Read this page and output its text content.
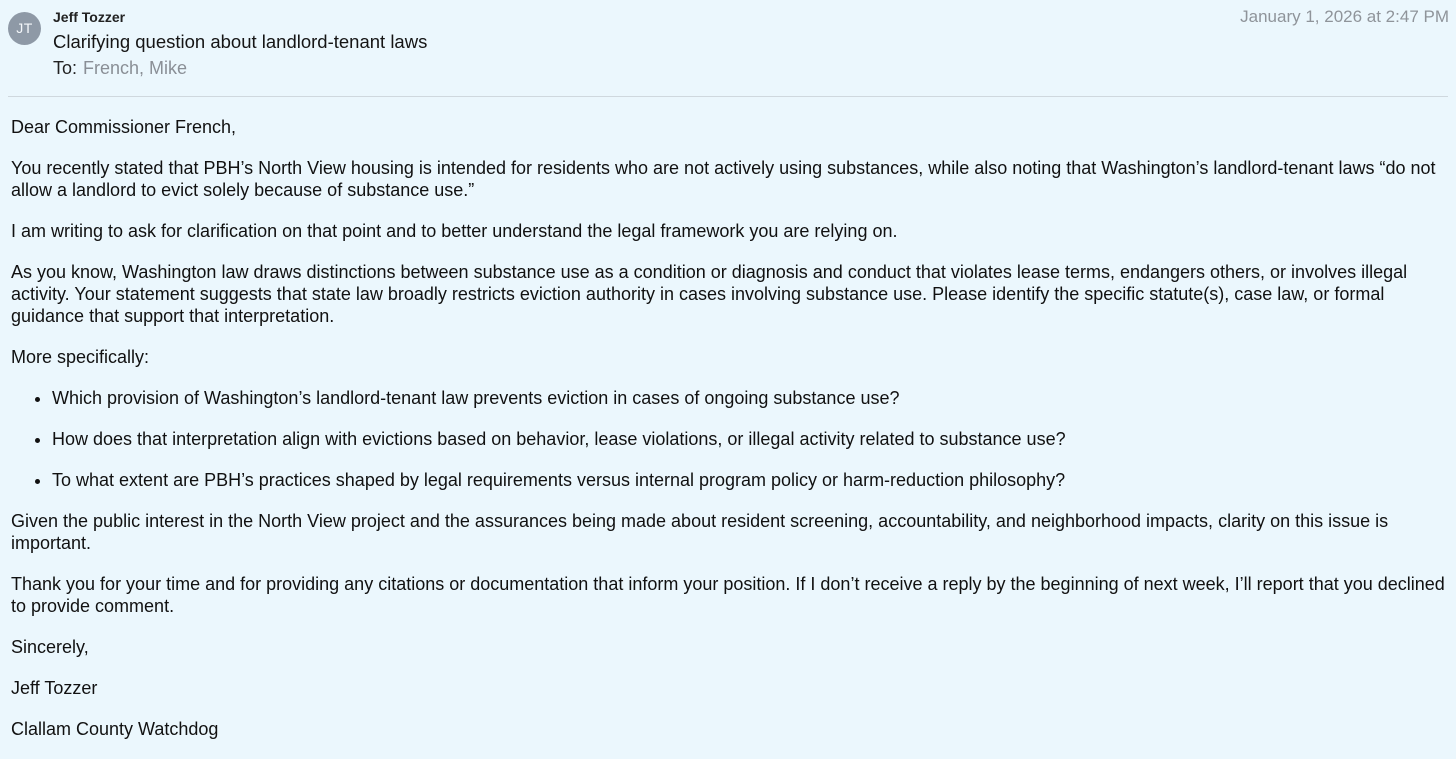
JT
Jeff Tozzer
Clarifying question about landlord-tenant laws
To: French, Mike
January 1, 2026 at 2:47 PM

Dear Commissioner French,

You recently stated that PBH’s North View housing is intended for residents who are not actively using substances, while also noting that Washington’s landlord-tenant laws “do not allow a landlord to evict solely because of substance use.”

I am writing to ask for clarification on that point and to better understand the legal framework you are relying on.

As you know, Washington law draws distinctions between substance use as a condition or diagnosis and conduct that violates lease terms, endangers others, or involves illegal activity. Your statement suggests that state law broadly restricts eviction authority in cases involving substance use. Please identify the specific statute(s), case law, or formal guidance that support that interpretation.

More specifically:

• Which provision of Washington’s landlord-tenant law prevents eviction in cases of ongoing substance use?
• How does that interpretation align with evictions based on behavior, lease violations, or illegal activity related to substance use?
• To what extent are PBH’s practices shaped by legal requirements versus internal program policy or harm-reduction philosophy?

Given the public interest in the North View project and the assurances being made about resident screening, accountability, and neighborhood impacts, clarity on this issue is important.

Thank you for your time and for providing any citations or documentation that inform your position. If I don’t receive a reply by the beginning of next week, I’ll report that you declined to provide comment.

Sincerely,

Jeff Tozzer

Clallam County Watchdog
